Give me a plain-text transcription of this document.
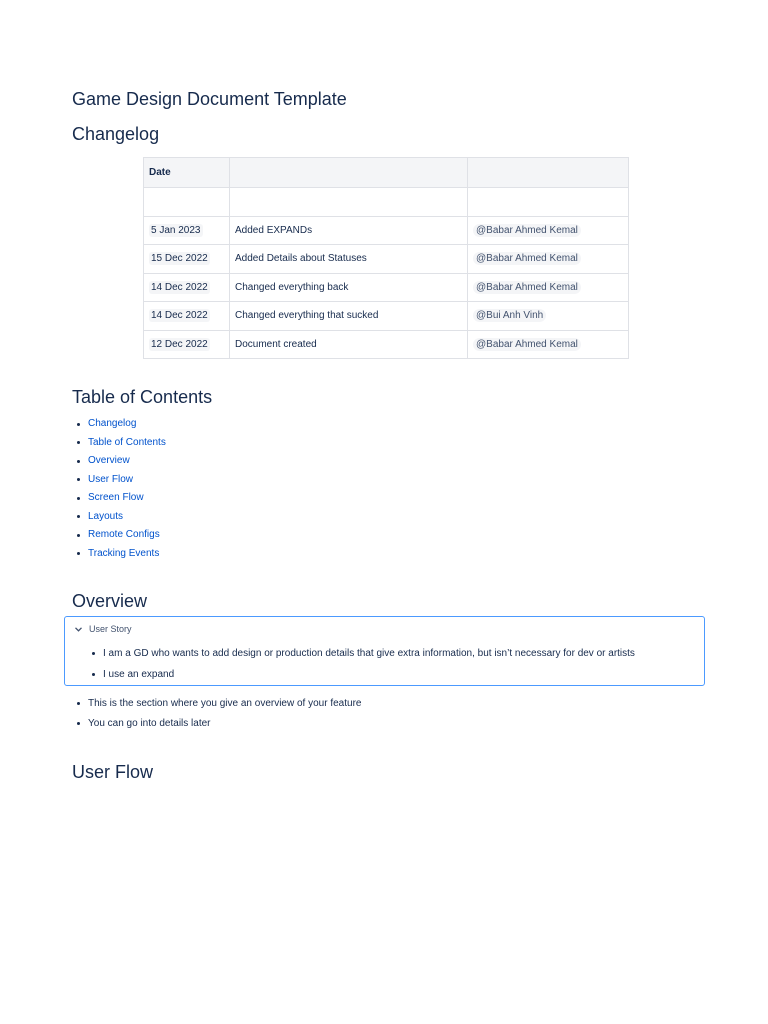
Game Design Document Template
Changelog
Date		

5 Jan 2023	Added EXPANDs	@Babar Ahmed Kemal
15 Dec 2022	Added Details about Statuses	@Babar Ahmed Kemal
14 Dec 2022	Changed everything back	@Babar Ahmed Kemal
14 Dec 2022	Changed everything that sucked	@Bui Anh Vinh
12 Dec 2022	Document created	@Babar Ahmed Kemal
Table of Contents
Changelog
Table of Contents
Overview
User Flow
Screen Flow
Layouts
Remote Configs
Tracking Events
Overview
User Story
I am a GD who wants to add design or production details that give extra information, but isn’t necessary for dev or artists
I use an expand
This is the section where you give an overview of your feature
You can go into details later
User Flow
